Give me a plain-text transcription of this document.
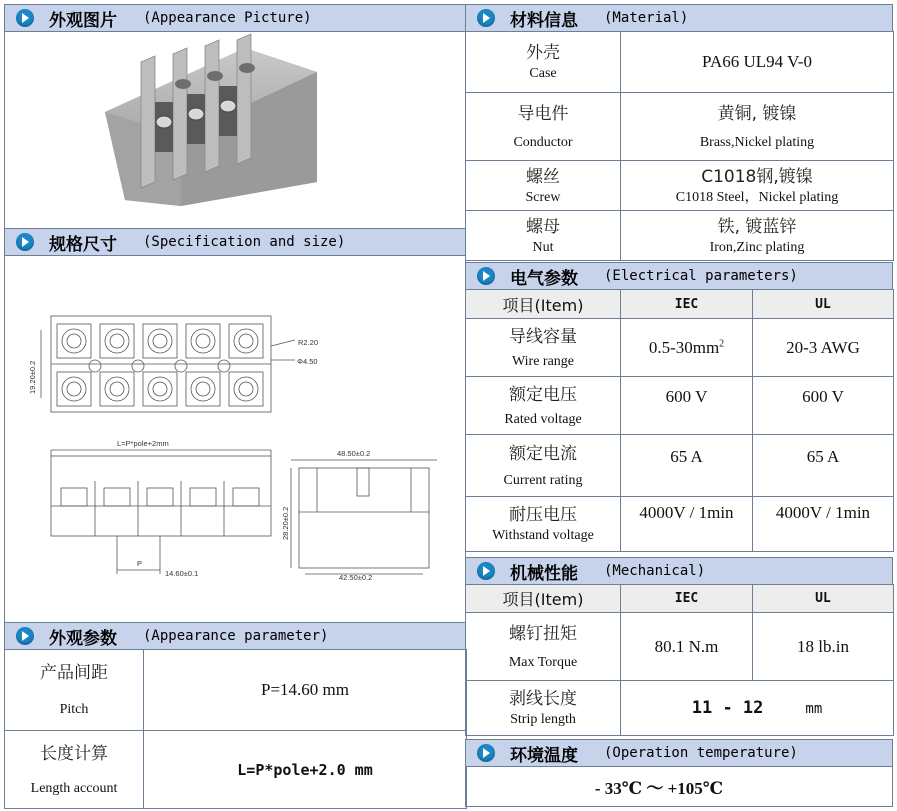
外观图片 (Appearance Picture)
规格尺寸 (Specification and size)
R2.20
Φ4.50
19.20±0.2
L=P*pole+2mm
48.50±0.2
28.20±0.2
P
14.60±0.1	42.50±0.2
外观参数 (Appearance parameter)
产品间距
Pitch	P=14.60 mm

长度计算
Length account	L=P*pole+2.0 mm
材料信息 (Material)
外壳
Case	PA66 UL94 V-0

导电件
Conductor	黄铜, 镀镍
Brass,Nickel plating

螺丝
Screw	C1018钢,镀镍
C1018 Steel，Nickel plating

螺母
Nut	铁, 镀蓝锌
Iron,Zinc plating
电气参数 (Electrical parameters)
项目(Item)	IEC	UL

导线容量
Wire range	$0.5-30mm^2$	20-3 AWG

额定电压
Rated voltage	600 V	600 V

额定电流
Current rating	65 A	65 A

耐压电压
Withstand voltage	4000V / 1min	4000V / 1min
机械性能 (Mechanical)
项目(Item)	IEC	UL

螺钉扭矩
Max Torque	80.1 N.m	18 lb.in

剥线长度
Strip length	11 - 12 mm	
环境温度 (Operation temperature)
- 33℃ ～ +105℃
